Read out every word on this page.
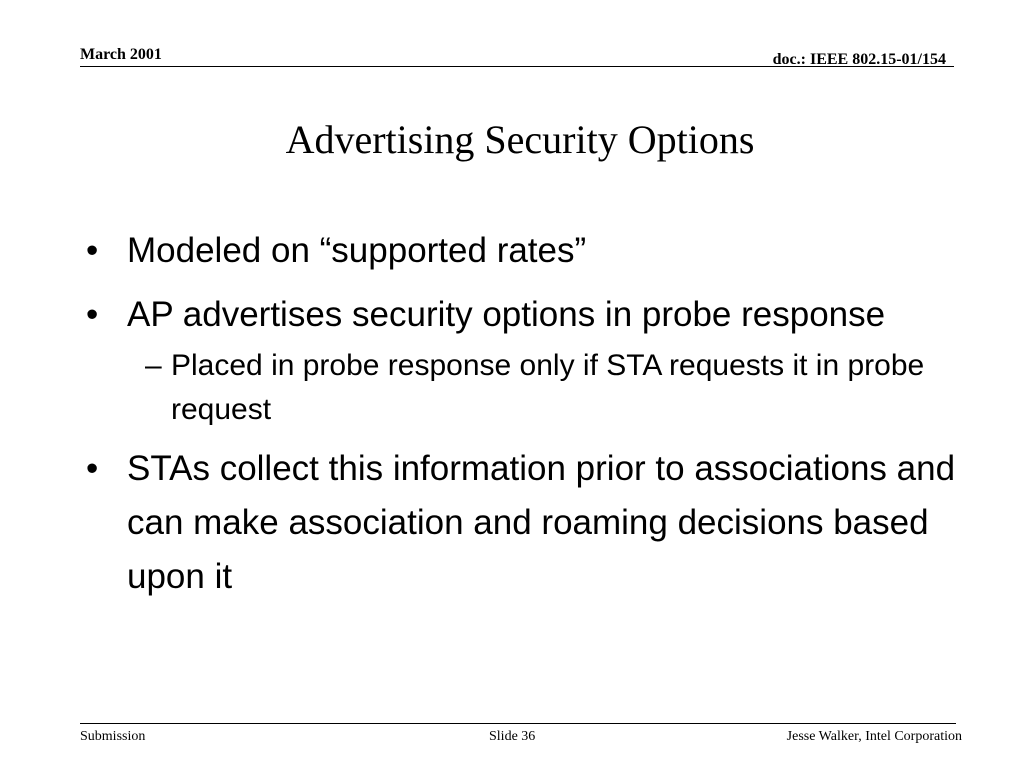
March 2001	doc.: IEEE 802.15-01/154
Advertising Security Options
• Modeled on “supported rates”
• AP advertises security options in probe response
– Placed in probe response only if STA requests it in probe request
• STAs collect this information prior to associations and can make association and roaming decisions based upon it
Submission	Slide 36	Jesse Walker, Intel Corporation
